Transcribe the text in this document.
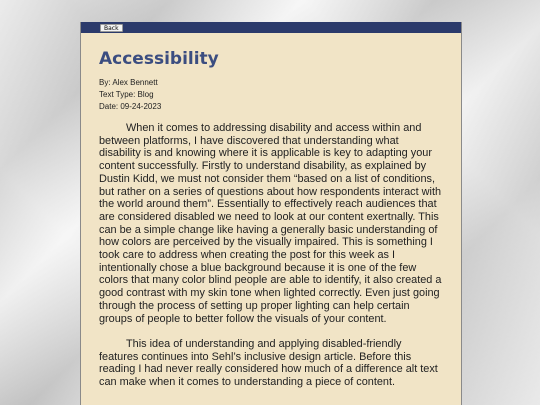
Back
Accessibility
By: Alex Bennett
Text Type: Blog
Date: 09-24-2023

When it comes to addressing disability and access within and between platforms, I have discovered that understanding what disability is and knowing where it is applicable is key to adapting your content successfully. Firstly to understand disability, as explained by Dustin Kidd, we must not consider them “based on a list of conditions, but rather on a series of questions about how respondents interact with the world around them”. Essentially to effectively reach audiences that are considered disabled we need to look at our content exertnally. This can be a simple change like having a generally basic understanding of how colors are perceived by the visually impaired. This is something I took care to address when creating the post for this week as I intentionally chose a blue background because it is one of the few colors that many color blind people are able to identify, it also created a good contrast with my skin tone when lighted correctly. Even just going through the process of setting up proper lighting can help certain groups of people to better follow the visuals of your content.

This idea of understanding and applying disabled-friendly features continues into Sehl’s inclusive design article. Before this reading I had never really considered how much of a difference alt text can make when it comes to understanding a piece of content.
